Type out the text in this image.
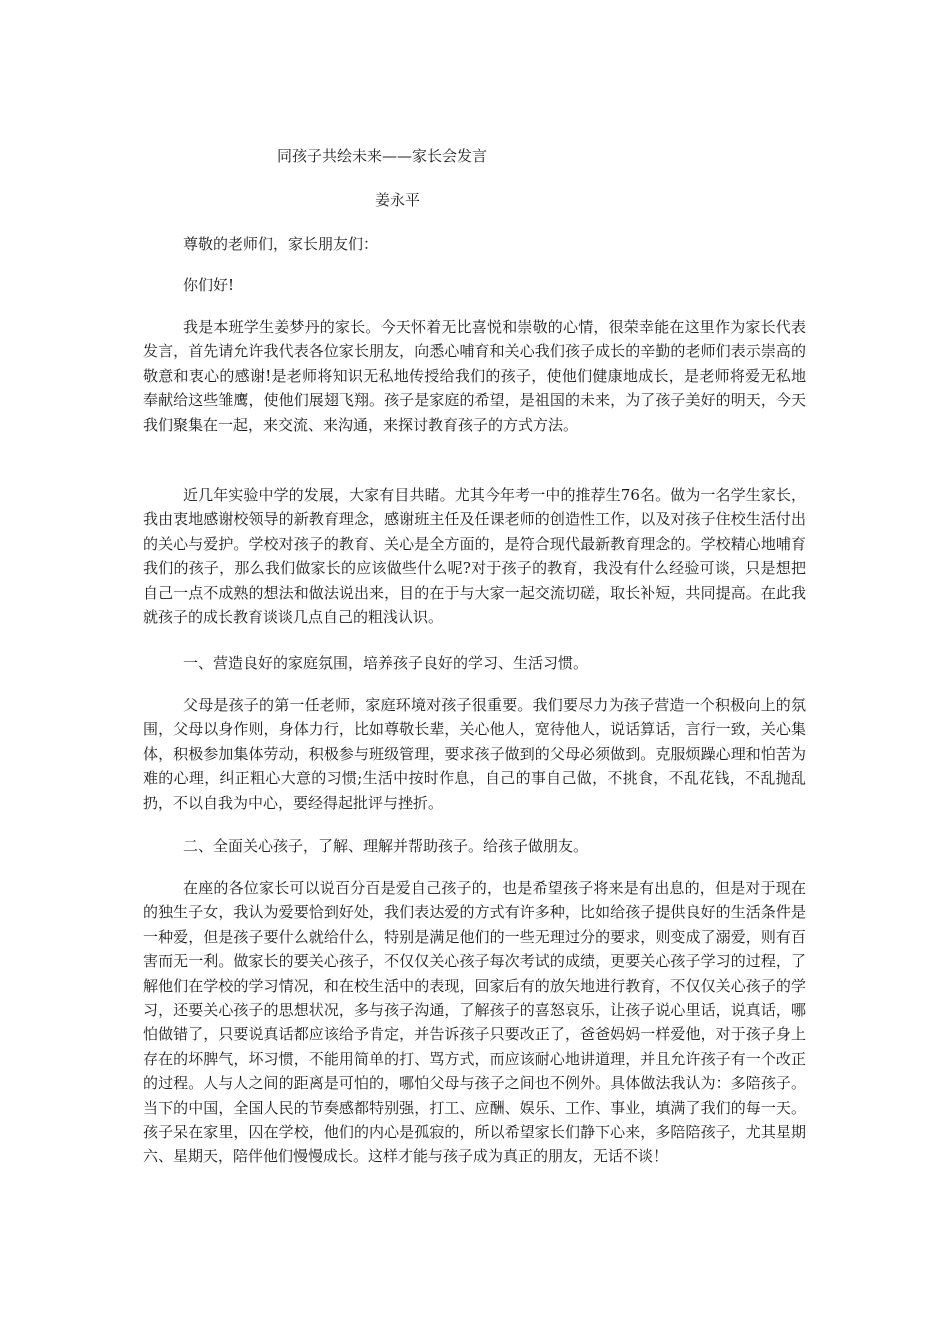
同孩子共绘未来——家长会发言
姜永平
尊敬的老师们，家长朋友们：
你们好!

我是本班学生姜梦丹的家长。今天怀着无比喜悦和崇敬的心情，很荣幸能在这里作为家长代表发言，首先请允许我代表各位家长朋友，向悉心哺育和关心我们孩子成长的辛勤的老师们表示崇高的敬意和衷心的感谢!是老师将知识无私地传授给我们的孩子，使他们健康地成长，是老师将爱无私地奉献给这些雏鹰，使他们展翅飞翔。孩子是家庭的希望，是祖国的未来，为了孩子美好的明天，今天我们聚集在一起，来交流、来沟通，来探讨教育孩子的方式方法。

近几年实验中学的发展，大家有目共睹。尤其今年考一中的推荐生76名。做为一名学生家长，我由衷地感谢校领导的新教育理念，感谢班主任及任课老师的创造性工作，以及对孩子住校生活付出的关心与爱护。学校对孩子的教育、关心是全方面的，是符合现代最新教育理念的。学校精心地哺育我们的孩子，那么我们做家长的应该做些什么呢?对于孩子的教育，我没有什么经验可谈，只是想把自己一点不成熟的想法和做法说出来，目的在于与大家一起交流切磋，取长补短，共同提高。在此我就孩子的成长教育谈谈几点自己的粗浅认识。

一、营造良好的家庭氛围，培养孩子良好的学习、生活习惯。

父母是孩子的第一任老师，家庭环境对孩子很重要。我们要尽力为孩子营造一个积极向上的氛围，父母以身作则，身体力行，比如尊敬长辈，关心他人，宽待他人，说话算话，言行一致，关心集体，积极参加集体劳动，积极参与班级管理，要求孩子做到的父母必须做到。克服烦躁心理和怕苦为难的心理，纠正粗心大意的习惯;生活中按时作息，自己的事自己做，不挑食，不乱花钱，不乱抛乱扔，不以自我为中心，要经得起批评与挫折。

二、全面关心孩子，了解、理解并帮助孩子。给孩子做朋友。

在座的各位家长可以说百分百是爱自己孩子的，也是希望孩子将来是有出息的，但是对于现在的独生子女，我认为爱要恰到好处，我们表达爱的方式有许多种，比如给孩子提供良好的生活条件是一种爱，但是孩子要什么就给什么，特别是满足他们的一些无理过分的要求，则变成了溺爱，则有百害而无一利。做家长的要关心孩子，不仅仅关心孩子每次考试的成绩，更要关心孩子学习的过程，了解他们在学校的学习情况，和在校生活中的表现，回家后有的放矢地进行教育，不仅仅关心孩子的学习，还要关心孩子的思想状况，多与孩子沟通，了解孩子的喜怒哀乐，让孩子说心里话，说真话，哪怕做错了，只要说真话都应该给予肯定，并告诉孩子只要改正了，爸爸妈妈一样爱他，对于孩子身上存在的坏脾气，坏习惯，不能用简单的打、骂方式，而应该耐心地讲道理，并且允许孩子有一个改正的过程。人与人之间的距离是可怕的，哪怕父母与孩子之间也不例外。具体做法我认为：多陪孩子。当下的中国，全国人民的节奏感都特别强，打工、应酬、娱乐、工作、事业，填满了我们的每一天。孩子呆在家里，囚在学校，他们的内心是孤寂的，所以希望家长们静下心来，多陪陪孩子，尤其星期六、星期天，陪伴他们慢慢成长。这样才能与孩子成为真正的朋友，无话不谈！
